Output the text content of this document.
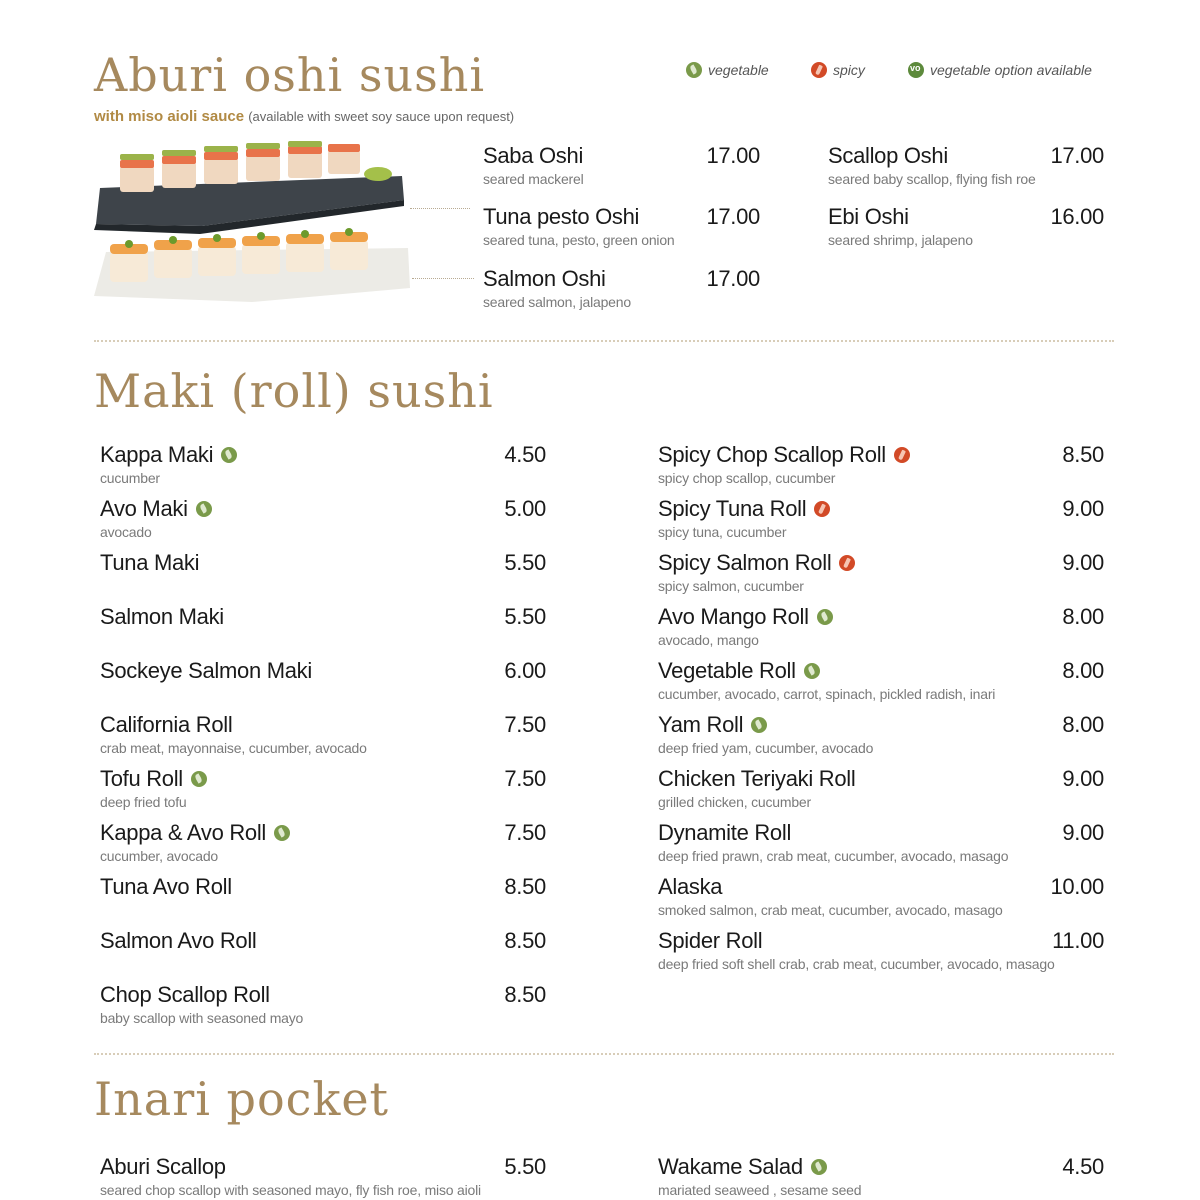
Aburi oshi sushi
with miso aioli sauce (available with sweet soy sauce upon request)
vegetable	spicy
vo	vegetable option available
Saba Oshi
seared mackerel
17.00
Tuna pesto Oshi
seared tuna, pesto, green onion
17.00
Salmon Oshi
seared salmon, jalapeno
17.00
Scallop Oshi
seared baby scallop, flying fish roe
17.00
Ebi Oshi
seared shrimp, jalapeno
16.00
Maki (roll) sushi
Kappa Maki
cucumber
4.50
Avo Maki
avocado
5.00
Tuna Maki	5.50
Salmon Maki	5.50
Sockeye Salmon Maki	6.00
California Roll
crab meat, mayonnaise, cucumber, avocado
7.50
Tofu Roll
deep fried tofu
7.50
Kappa & Avo Roll
cucumber, avocado
7.50
Tuna Avo Roll	8.50
Salmon Avo Roll	8.50
Chop Scallop Roll
baby scallop with seasoned mayo
8.50
Spicy Chop Scallop Roll
spicy chop scallop, cucumber
8.50
Spicy Tuna Roll
spicy tuna, cucumber
9.00
Spicy Salmon Roll
spicy salmon, cucumber
9.00
Avo Mango Roll
avocado, mango
8.00
Vegetable Roll
cucumber, avocado, carrot, spinach, pickled radish, inari
8.00
Yam Roll
deep fried yam, cucumber, avocado
8.00
Chicken Teriyaki Roll
grilled chicken, cucumber
9.00
Dynamite Roll
deep fried prawn, crab meat, cucumber, avocado, masago
9.00
Alaska
smoked salmon, crab meat, cucumber, avocado, masago
10.00
Spider Roll
deep fried soft shell crab, crab meat, cucumber, avocado, masago
11.00
Inari pocket
Aburi Scallop
seared chop scallop with seasoned mayo, fly fish roe, miso aioli
5.50	Wakame Salad
mariated seaweed , sesame seed
4.50
